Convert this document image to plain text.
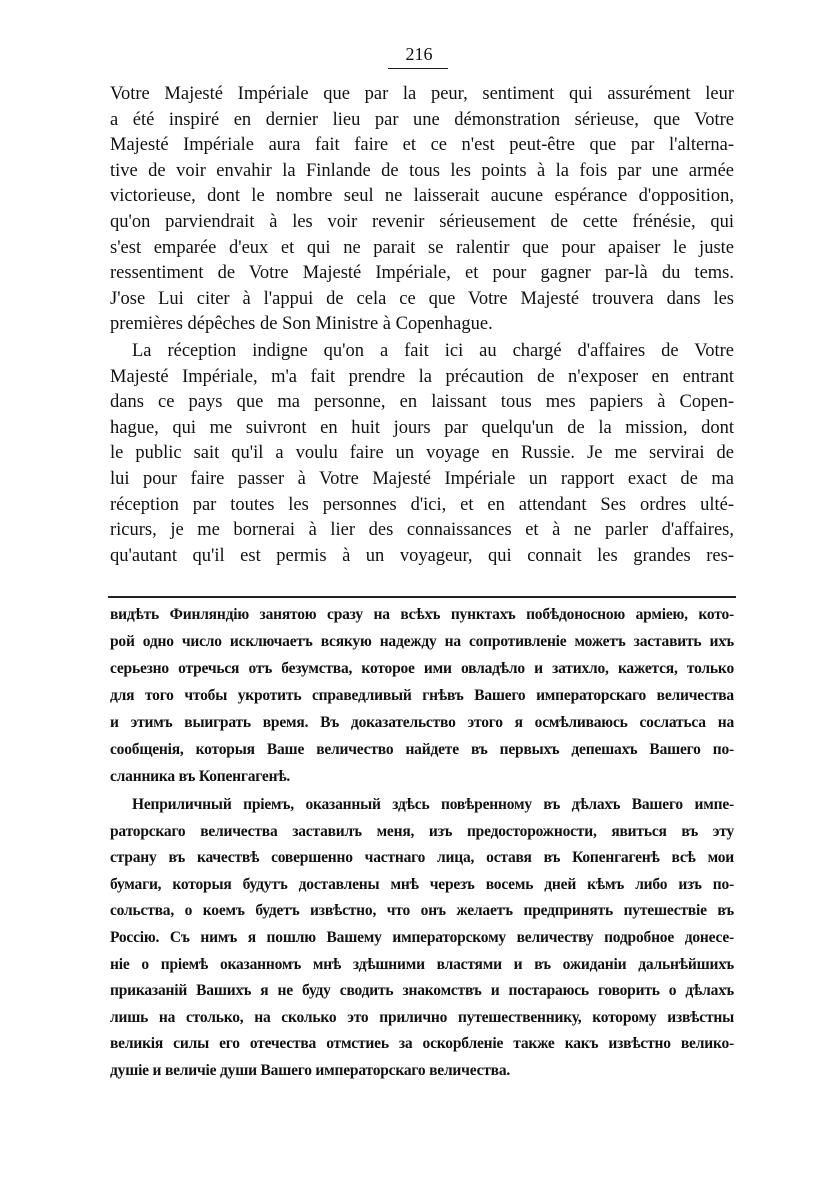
216
Votre Majesté Impériale que par la peur, sentiment qui assurément leur
a été inspiré en dernier lieu par une démonstration sérieuse, que Votre
Majesté Impériale aura fait faire et ce n'est peut-être que par l'alterna-
tive de voir envahir la Finlande de tous les points à la fois par une armée
victorieuse, dont le nombre seul ne laisserait aucune espérance d'opposition,
qu'on parviendrait à les voir revenir sérieusement de cette frénésie, qui
s'est emparée d'eux et qui ne parait se ralentir que pour apaiser le juste
ressentiment de Votre Majesté Impériale, et pour gagner par-là du tems.
J'ose Lui citer à l'appui de cela ce que Votre Majesté trouvera dans les
premières dépêches de Son Ministre à Copenhague.
La réception indigne qu'on a fait ici au chargé d'affaires de Votre
Majesté Impériale, m'a fait prendre la précaution de n'exposer en entrant
dans ce pays que ma personne, en laissant tous mes papiers à Copen-
hague, qui me suivront en huit jours par quelqu'un de la mission, dont
le public sait qu'il a voulu faire un voyage en Russie. Je me servirai de
lui pour faire passer à Votre Majesté Impériale un rapport exact de ma
réception par toutes les personnes d'ici, et en attendant Ses ordres ulté-
ricurs, je me bornerai à lier des connaissances et à ne parler d'affaires,
qu'autant qu'il est permis à un voyageur, qui connait les grandes res-
видѣть Финляндію занятою сразу на всѣхъ пунктахъ побѣдоносною арміею, кото-
рой одно число исключаетъ всякую надежду на сопротивленіе можетъ заставить ихъ
серьезно отречься отъ безумства, которое ими овладѣло и затихло, кажется, только
для того чтобы укротить справедливый гнѣвъ Вашего императорскаго величества
и этимъ выиграть время. Въ доказательство этого я осмѣливаюсь сослатьса на
сообщенія, которыя Ваше величество найдете въ первыхъ депешахъ Вашего по-
сланника въ Копенгагенѣ.
Неприличный пріемъ, оказанный здѣсь повѣренному въ дѣлахъ Вашего импе-
раторскаго величества заставилъ меня, изъ предосторожности, явиться въ эту
страну въ качествѣ совершенно частнаго лица, оставя въ Копенгагенѣ всѣ мои
бумаги, которыя будутъ доставлены мнѣ черезъ восемь дней кѣмъ либо изъ по-
сольства, о коемъ будетъ извѣстно, что онъ желаетъ предпринять путешествіе въ
Россію. Съ нимъ я пошлю Вашему императорскому величеству подробное донесе-
ніе о пріемѣ оказанномъ мнѣ здѣшними властями и въ ожиданіи дальнѣйшихъ
приказаній Вашихъ я не буду сводить знакомствъ и постараюсь говорить о дѣлахъ
лишь на столько, на сколько это прилично путешественнику, которому извѣстны
великія силы его отечества отмстиеь за оскорбленіе также какъ извѣстно велико-
душіе и величіе души Вашего императорскаго величества.
